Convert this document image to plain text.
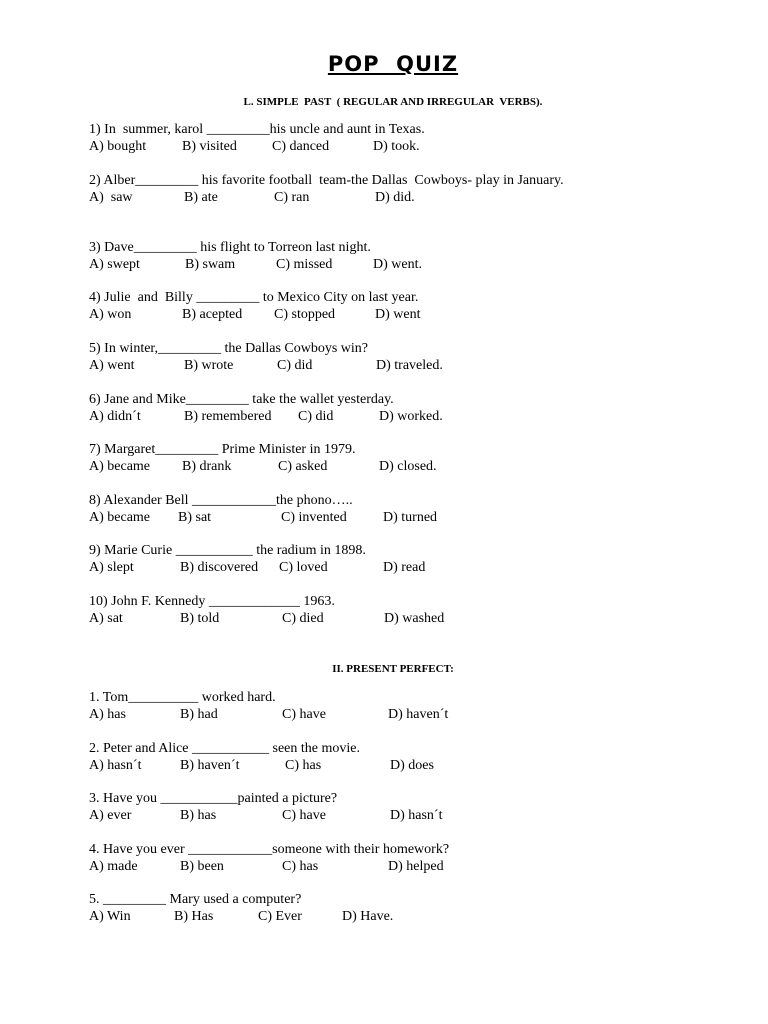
POP  QUIZ
L. SIMPLE  PAST  ( REGULAR AND IRREGULAR  VERBS).
1) In  summer, karol _________his uncle and aunt in Texas.
A) bought	B) visited	C) danced	D) took.
2) Alber_________ his favorite football  team-the Dallas  Cowboys- play in January.
A)  saw	B) ate	C) ran	D) did.
3) Dave_________ his flight to Torreon last night.
A) swept	B) swam	C) missed	D) went.
4) Julie  and  Billy _________ to Mexico City on last year.
A) won	B) acepted C) stopped	D) went
5) In winter,_________ the Dallas Cowboys win?
A) went	B) wrote	C) did	D) traveled.
6) Jane and Mike_________ take the wallet yesterday.
A) didn´t	B) remembered C) did	D) worked.
7) Margaret_________ Prime Minister in 1979.
A) became B) drank	C) asked	D) closed.
8) Alexander Bell ____________the phono…..
A) became B) sat	C) invented	D) turned
9) Marie Curie ___________ the radium in 1898.
A) slept	B) discovered C) loved	D) read
10) John F. Kennedy _____________ 1963.
A) sat	B) told	C) died	D) washed
II. PRESENT PERFECT:
1. Tom__________ worked hard.
A) has	B) had	C) have	D) haven´t
2. Peter and Alice ___________ seen the movie.
A) hasn´t	B) haven´t	C) has	D) does
3. Have you ___________painted a picture?
A) ever	B) has	C) have	D) hasn´t
4. Have you ever ____________someone with their homework?
A) made	B) been	C) has	D) helped
5. _________ Mary used a computer?
A) Win	B) Has	C) Ever	D) Have.
